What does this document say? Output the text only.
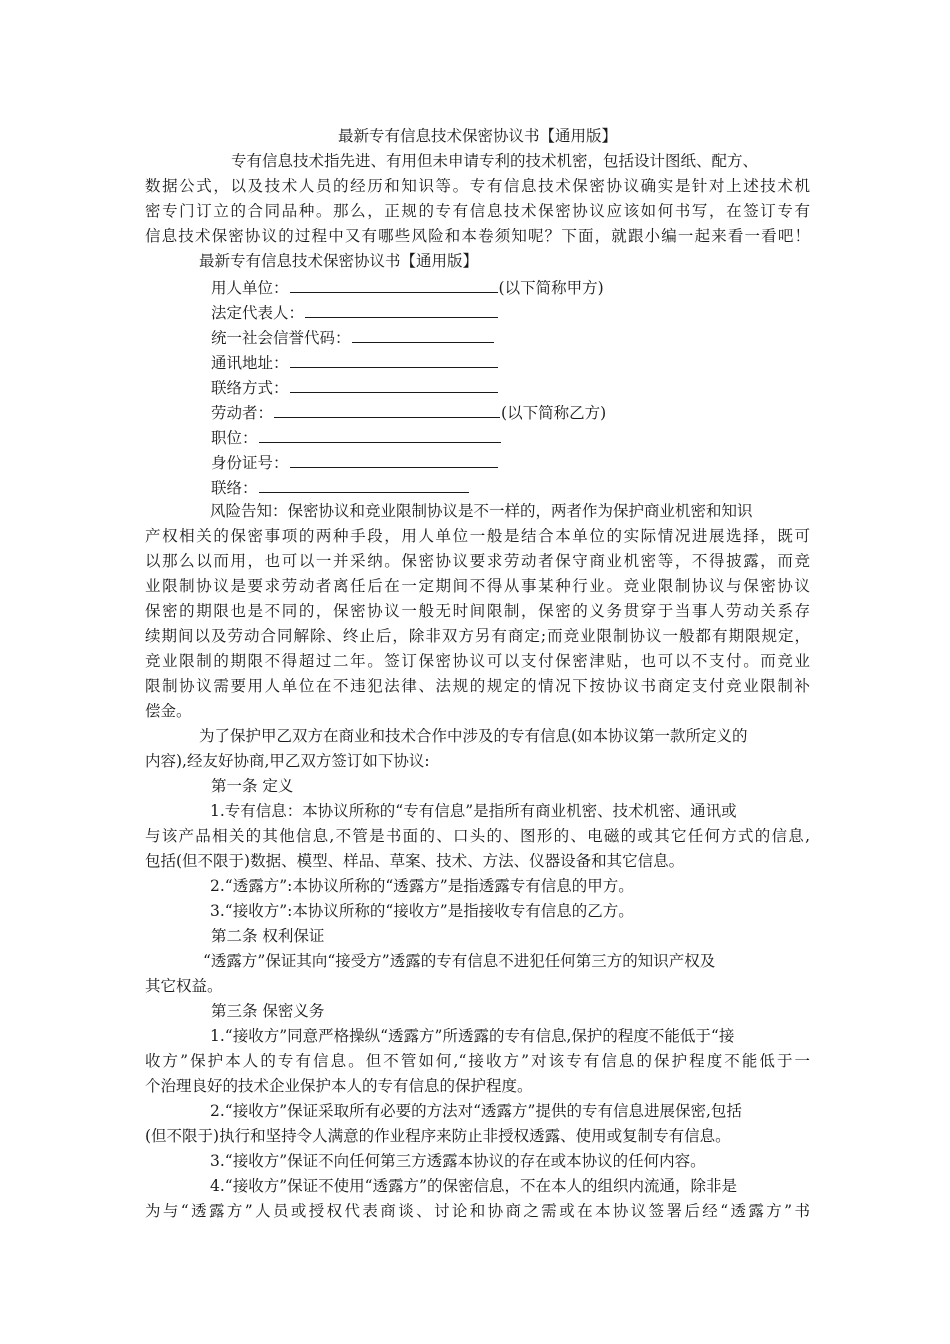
最新专有信息技术保密协议书【通用版】
专有信息技术指先进、有用但未申请专利的技术机密，包括设计图纸、配方、
数据公式，以及技术人员的经历和知识等。专有信息技术保密协议确实是针对上述技术机
密专门订立的合同品种。那么，正规的专有信息技术保密协议应该如何书写，在签订专有
信息技术保密协议的过程中又有哪些风险和本卷须知呢？下面，就跟小编一起来看一看吧！
最新专有信息技术保密协议书【通用版】
用人单位：	(以下简称甲方)
法定代表人：
统一社会信誉代码：
通讯地址：
联络方式：
劳动者：	(以下简称乙方)
职位：
身份证号：
联络：
风险告知：保密协议和竞业限制协议是不一样的，两者作为保护商业机密和知识
产权相关的保密事项的两种手段，用人单位一般是结合本单位的实际情况进展选择，既可
以那么以而用，也可以一并采纳。保密协议要求劳动者保守商业机密等，不得披露，而竞
业限制协议是要求劳动者离任后在一定期间不得从事某种行业。竞业限制协议与保密协议
保密的期限也是不同的，保密协议一般无时间限制，保密的义务贯穿于当事人劳动关系存
续期间以及劳动合同解除、终止后，除非双方另有商定;而竞业限制协议一般都有期限规定，
竞业限制的期限不得超过二年。签订保密协议可以支付保密津贴，也可以不支付。而竞业
限制协议需要用人单位在不违犯法律、法规的规定的情况下按协议书商定支付竞业限制补
偿金。
为了保护甲乙双方在商业和技术合作中涉及的专有信息(如本协议第一款所定义的
内容),经友好协商,甲乙双方签订如下协议:
第一条 定义
1.专有信息：本协议所称的“专有信息”是指所有商业机密、技术机密、通讯或
与该产品相关的其他信息,不管是书面的、口头的、图形的、电磁的或其它任何方式的信息,
包括(但不限于)数据、模型、样品、草案、技术、方法、仪器设备和其它信息。
2.“透露方”:本协议所称的“透露方”是指透露专有信息的甲方。
3.“接收方”:本协议所称的“接收方”是指接收专有信息的乙方。
第二条 权利保证
“透露方”保证其向“接受方”透露的专有信息不进犯任何第三方的知识产权及
其它权益。
第三条 保密义务
1.“接收方”同意严格操纵“透露方”所透露的专有信息,保护的程度不能低于“接
收方”保护本人的专有信息。但不管如何,“接收方”对该专有信息的保护程度不能低于一
个治理良好的技术企业保护本人的专有信息的保护程度。
2.“接收方”保证采取所有必要的方法对“透露方”提供的专有信息进展保密,包括
(但不限于)执行和坚持令人满意的作业程序来防止非授权透露、使用或复制专有信息。
3.“接收方”保证不向任何第三方透露本协议的存在或本协议的任何内容。
4.“接收方”保证不使用“透露方”的保密信息，不在本人的组织内流通，除非是
为与“透露方”人员或授权代表商谈、讨论和协商之需或在本协议签署后经“透露方”书
